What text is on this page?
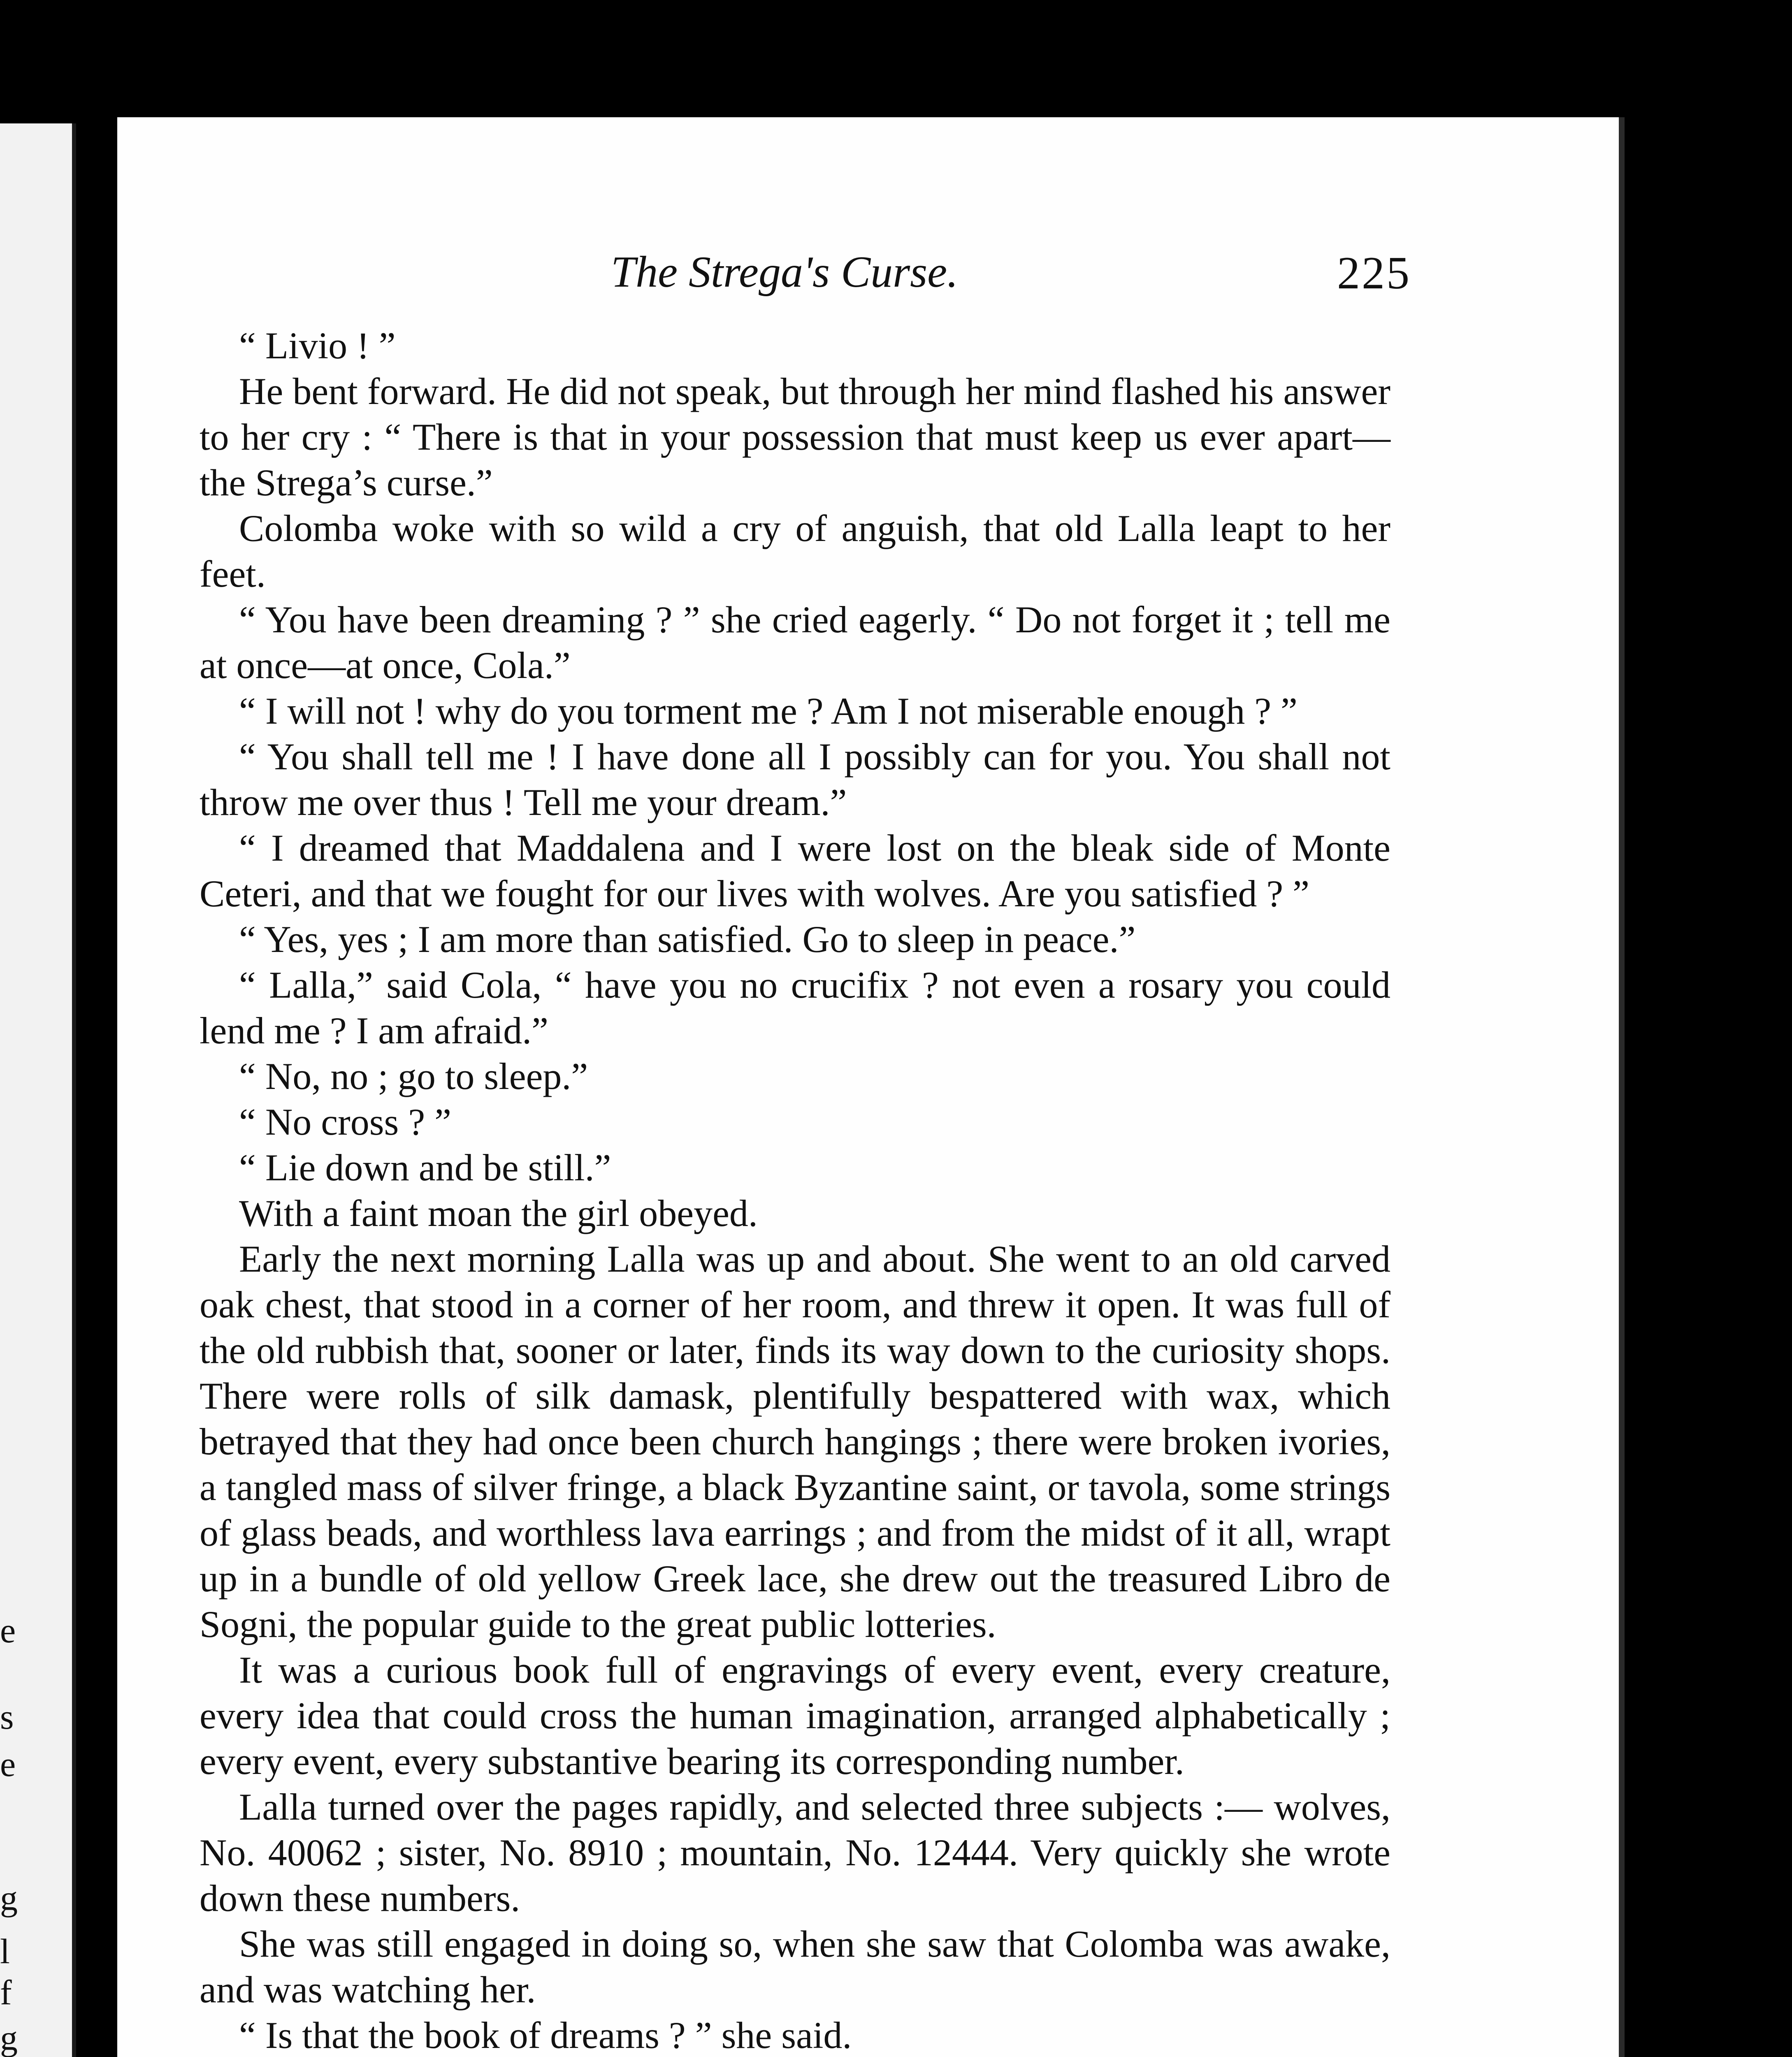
e
s
e
g
l
f
g
The Strega's Curse.	225

“ Livio ! ”

He bent forward. He did not speak, but through her mind flashed his answer to her cry : “ There is that in your possession that must keep us ever apart—the Strega’s curse.”

Colomba woke with so wild a cry of anguish, that old Lalla leapt to her feet.

“ You have been dreaming ? ” she cried eagerly. “ Do not forget it ; tell me at once—at once, Cola.”

“ I will not ! why do you torment me ? Am I not miserable enough ? ”

“ You shall tell me ! I have done all I possibly can for you. You shall not throw me over thus ! Tell me your dream.”

“ I dreamed that Maddalena and I were lost on the bleak side of Monte Ceteri, and that we fought for our lives with wolves. Are you satisfied ? ”

“ Yes, yes ; I am more than satisfied. Go to sleep in peace.”

“ Lalla,” said Cola, “ have you no crucifix ? not even a rosary you could lend me ? I am afraid.”

“ No, no ; go to sleep.”

“ No cross ? ”

“ Lie down and be still.”

With a faint moan the girl obeyed.

Early the next morning Lalla was up and about. She went to an old carved oak chest, that stood in a corner of her room, and threw it open. It was full of the old rubbish that, sooner or later, finds its way down to the curiosity shops. There were rolls of silk damask, plentifully bespattered with wax, which betrayed that they had once been church hangings ; there were broken ivories, a tangled mass of silver fringe, a black Byzantine saint, or tavola, some strings of glass beads, and worthless lava earrings ; and from the midst of it all, wrapt up in a bundle of old yellow Greek lace, she drew out the treasured Libro de Sogni, the popular guide to the great public lotteries.

It was a curious book full of engravings of every event, every creature, every idea that could cross the human imagination, arranged alphabetically ; every event, every substantive bearing its corresponding number.

Lalla turned over the pages rapidly, and selected three subjects :— wolves, No. 40062 ; sister, No. 8910 ; mountain, No. 12444. Very quickly she wrote down these numbers.

She was still engaged in doing so, when she saw that Colomba was awake, and was watching her.

“ Is that the book of dreams ? ” she said.
